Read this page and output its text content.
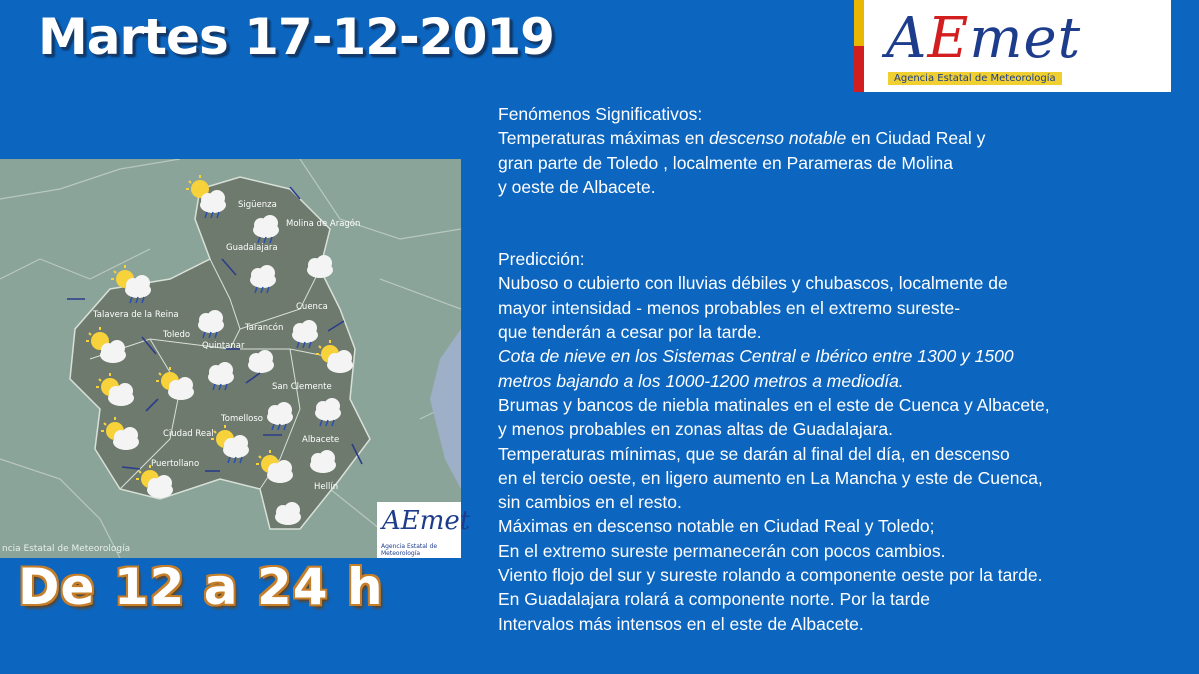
Martes 17-12-2019	AEmet
Agencia Estatal de Meteorología
Sigüenza
Molina de Aragón
Guadalajara
Talavera de la Reina
Toledo
Quintanar
Tarancón
Cuenca
San Clemente
Tomelloso
Ciudad Real
Albacete
Puertollano
Hellín
ncia Estatal de Meteorología
AEmet
Agencia Estatal de Meteorología
De 12 a 24 h

Fenómenos Significativos:

Temperaturas máximas en descenso notable en Ciudad Real y

gran parte de Toledo , localmente en Parameras de Molina

y oeste de Albacete.

Predicción:

Nuboso o cubierto con lluvias débiles y chubascos, localmente de

mayor intensidad - menos probables en el extremo sureste-

que tenderán a cesar por la tarde.

Cota de nieve en los Sistemas Central e Ibérico entre 1300 y 1500

metros bajando a los 1000-1200 metros a mediodía.

Brumas y bancos de niebla matinales en el este de Cuenca y Albacete,

y menos probables en zonas altas de Guadalajara.

Temperaturas mínimas, que se darán al final del día, en descenso

en el tercio oeste, en ligero aumento en La Mancha y este de Cuenca,

sin cambios en el resto.

Máximas en descenso notable en Ciudad Real y Toledo;

En el extremo sureste permanecerán con pocos cambios.

Viento flojo del sur y sureste rolando a componente oeste por la tarde.

En Guadalajara rolará a componente norte. Por la tarde

Intervalos más intensos en el este de Albacete.
